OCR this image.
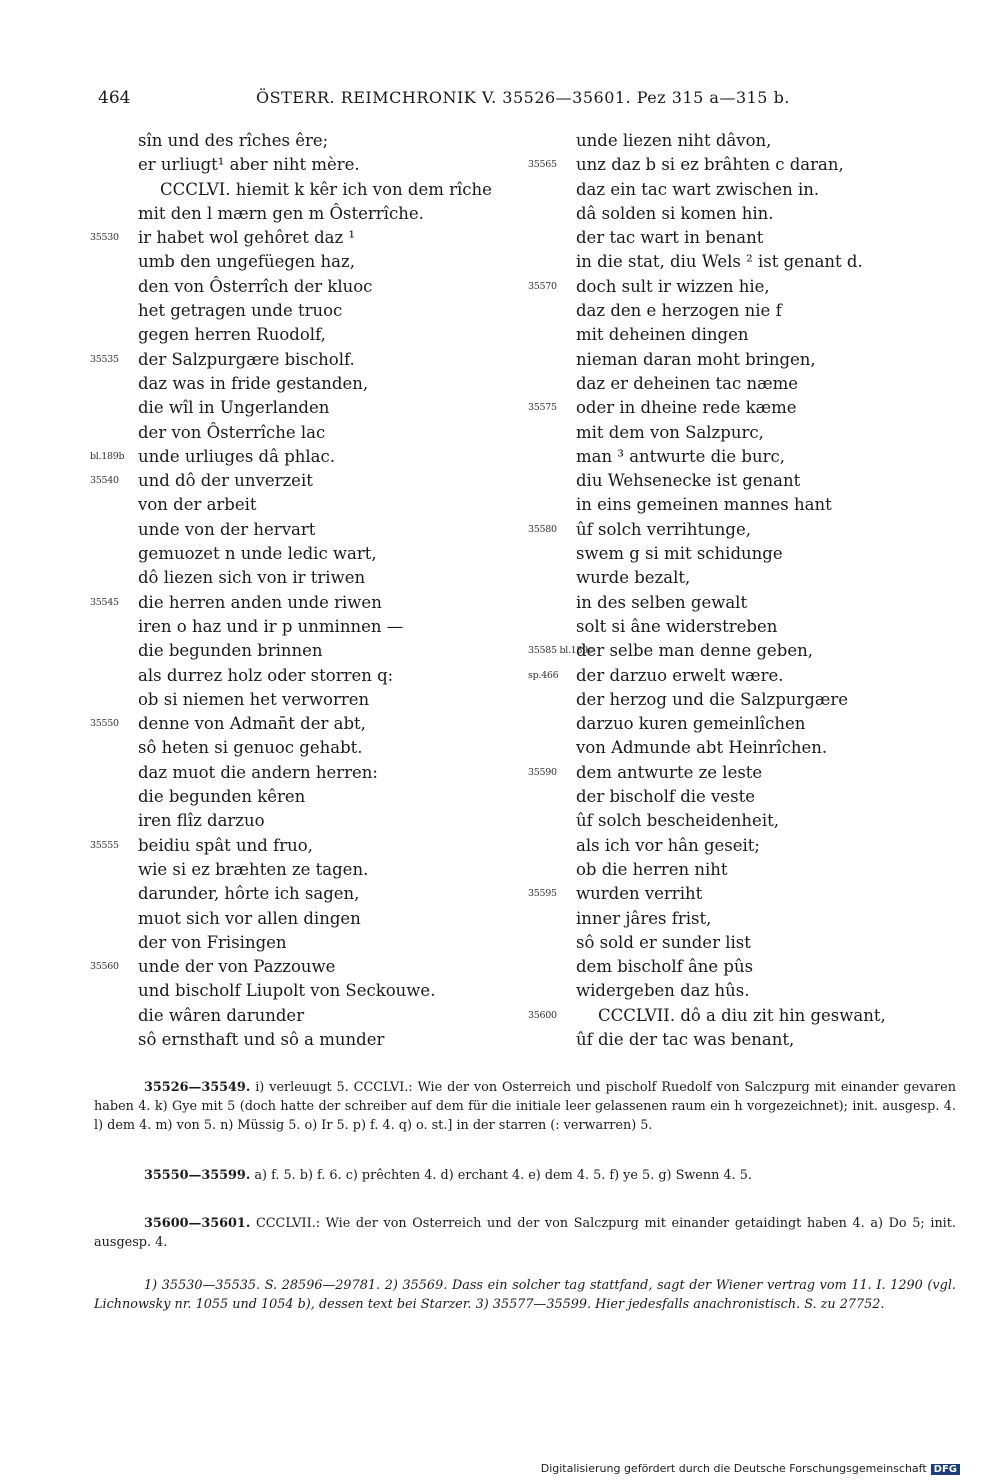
464	ÖSTERR. REIMCHRONIK V. 35526—35601. Pez 315 a—315 b.
sîn und des rîches êre;
er urliugt¹ aber niht mère.
CCCLVI. hiemit k kêr ich von dem rîche
mit den l mærn gen m Ôsterrîche.
35530 ir habet wol gehôret daz ¹
umb den ungefüegen haz,
den von Ôsterrîch der kluoc
het getragen unde truoc
gegen herren Ruodolf,
35535 der Salzpurgære bischolf.
daz was in fride gestanden,
die wîl in Ungerlanden
der von Ôsterrîche lac
bl.189b unde urliuges dâ phlac.
35540 und dô der unverzeit
von der arbeit
unde von der hervart
gemuozet n unde ledic wart,
dô liezen sich von ir triwen
35545 die herren anden unde riwen
iren o haz und ir p unminnen —
die begunden brinnen
als durrez holz oder storren q:
ob si niemen het verworren
35550 denne von Adman̄t der abt,
sô heten si genuoc gehabt.
daz muot die andern herren:
die begunden kêren
iren flîz darzuo
35555 beidiu spât und fruo,
wie si ez bræhten ze tagen.
darunder, hôrte ich sagen,
muot sich vor allen dingen
der von Frisingen
35560 unde der von Pazzouwe
und bischolf Liupolt von Seckouwe.
die wâren darunder
sô ernsthaft und sô a munder
unde liezen niht dâvon,
35565 unz daz b si ez brâhten c daran,
daz ein tac wart zwischen in.
dâ solden si komen hin.
der tac wart in benant
in die stat, diu Wels ² ist genant d.
35570 doch sult ir wizzen hie,
daz den e herzogen nie f
mit deheinen dingen
nieman daran moht bringen,
daz er deheinen tac næme
35575 oder in dheine rede kæme
mit dem von Salzpurc,
man ³ antwurte die burc,
diu Wehsenecke ist genant
in eins gemeinen mannes hant
35580 ûf solch verrihtunge,
swem g si mit schidunge
wurde bezalt,
in des selben gewalt
solt si âne widerstreben
35585 bl.189c
der selbe man denne geben,
sp.466 der darzuo erwelt wære.
der herzog und die Salzpurgære
darzuo kuren gemeinlîchen
von Admunde abt Heinrîchen.
35590 dem antwurte ze leste
der bischolf die veste
ûf solch bescheidenheit,
als ich vor hân geseit;
ob die herren niht
35595 wurden verriht
inner jâres frist,
sô sold er sunder list
dem bischolf âne pûs
widergeben daz hûs.
35600	CCCLVII. dô a diu zit hin geswant,
ûf die der tac was benant,

35526—35549. i) verleuugt 5. CCCLVI.: Wie der von Osterreich und pischolf Ruedolf von Salczpurg mit einander gevaren haben 4. k) Gye mit 5 (doch hatte der schreiber auf dem für die initiale leer gelassenen raum ein h vorgezeichnet); init. ausgesp. 4. l) dem 4. m) von 5. n) Müssig 5. o) Ir 5. p) f. 4. q) o. st.] in der starren (: verwarren) 5.

35550—35599. a) f. 5. b) f. 6. c) prêchten 4. d) erchant 4. e) dem 4. 5. f) ye 5. g) Swenn 4. 5.

35600—35601. CCCLVII.: Wie der von Osterreich und der von Salczpurg mit einander getaidingt haben 4. a) Do 5; init. ausgesp. 4.

1) 35530—35535. S. 28596—29781. 2) 35569. Dass ein solcher tag stattfand, sagt der Wiener vertrag vom 11. I. 1290 (vgl. Lichnowsky nr. 1055 und 1054 b), dessen text bei Starzer. 3) 35577—35599. Hier jedesfalls anachronistisch. S. zu 27752.

Digitalisierung gefördert durch die Deutsche Forschungsgemeinschaft DFG
